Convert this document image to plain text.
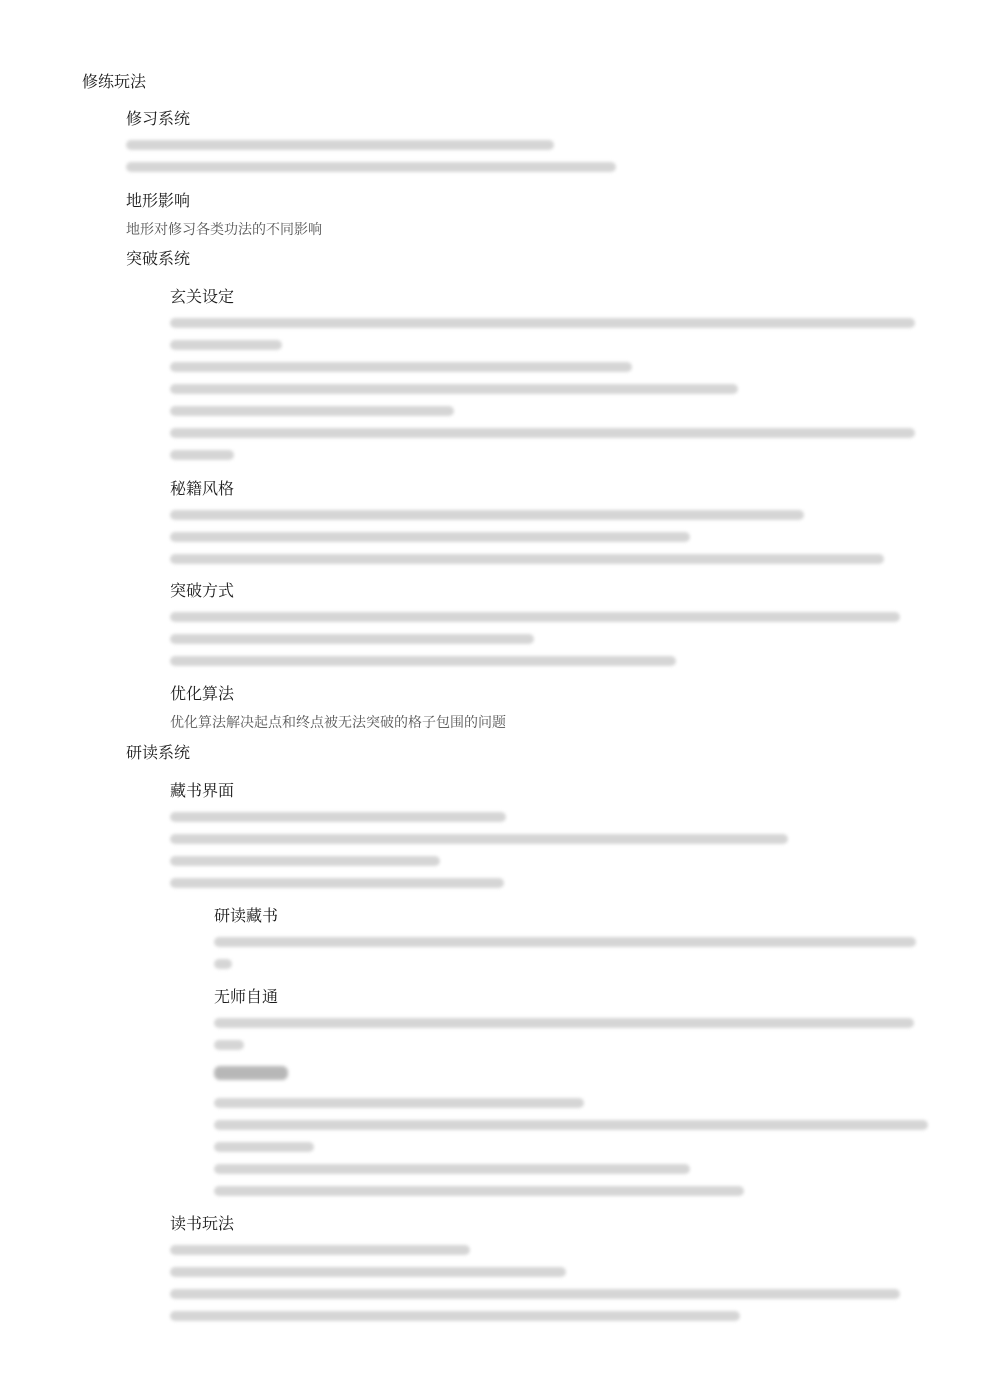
修练玩法
修习系统
地形影响
地形对修习各类功法的不同影响
突破系统
玄关设定
秘籍风格
突破方式
优化算法
优化算法解决起点和终点被无法突破的格子包围的问题
研读系统
藏书界面
研读藏书
无师自通
读书玩法
